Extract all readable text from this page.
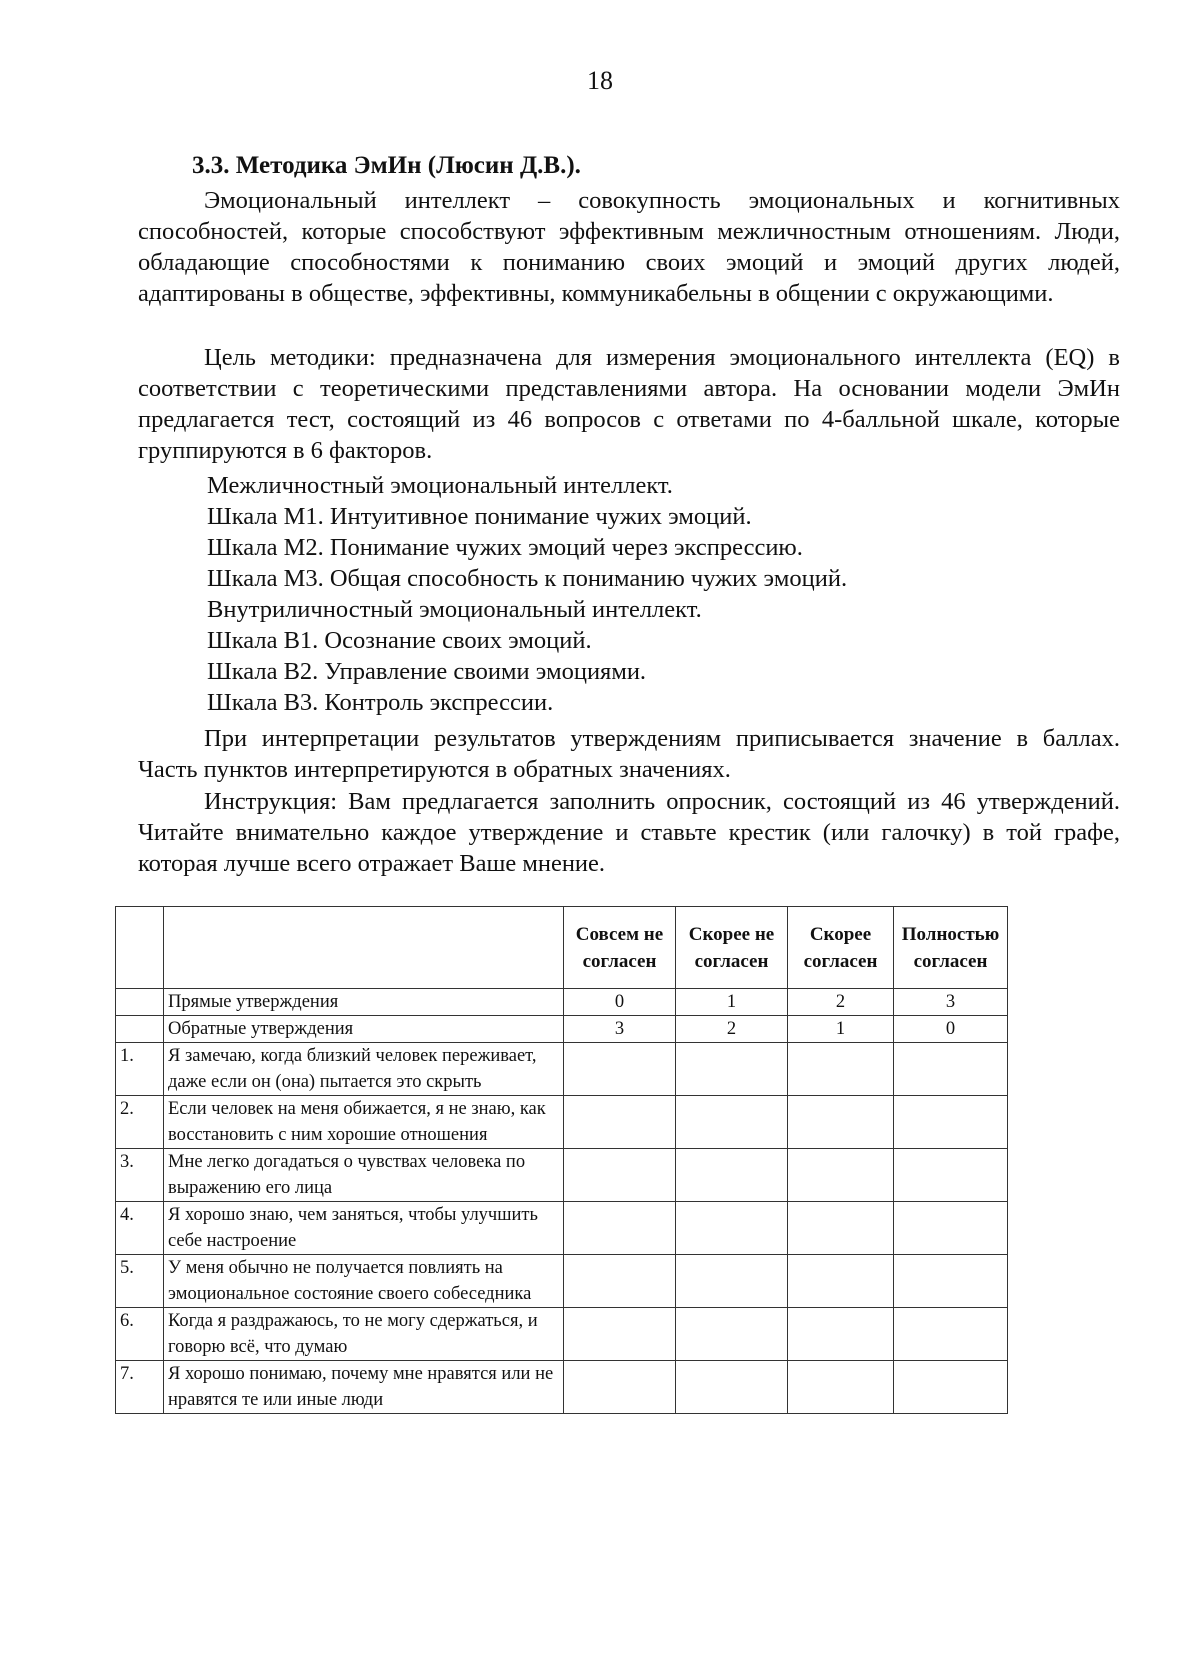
18
3.3. Методика ЭмИн (Люсин Д.В.).

Эмоциональный интеллект – совокупность эмоциональных и когнитивных способностей, которые способствуют эффективным межличностным отношениям. Люди, обладающие способностями к пониманию своих эмоций и эмоций других людей, адаптированы в обществе, эффективны, коммуникабельны в общении с окружающими.

Цель методики: предназначена для измерения эмоционального интеллекта (EQ) в соответствии с теоретическими представлениями автора. На основании модели ЭмИн предлагается тест, состоящий из 46 вопросов с ответами по 4-балльной шкале, которые группируются в 6 факторов.

Межличностный эмоциональный интеллект.
Шкала М1. Интуитивное понимание чужих эмоций.
Шкала М2. Понимание чужих эмоций через экспрессию.
Шкала М3. Общая способность к пониманию чужих эмоций.
Внутриличностный эмоциональный интеллект.
Шкала В1. Осознание своих эмоций.
Шкала В2. Управление своими эмоциями.
Шкала В3. Контроль экспрессии.

При интерпретации результатов утверждениям приписывается значение в баллах. Часть пунктов интерпретируются в обратных значениях.

Инструкция: Вам предлагается заполнить опросник, состоящий из 46 утверждений. Читайте внимательно каждое утверждение и ставьте крестик (или галочку) в той графе, которая лучше всего отражает Ваше мнение.

		Совсем не согласен	Скорее не согласен	Скорее согласен	Полностью согласен
	Прямые утверждения	0	1	2	3
	Обратные утверждения	3	2	1	0
1.	Я замечаю, когда близкий человек переживает, даже если он (она) пытается это скрыть				
2.	Если человек на меня обижается, я не знаю, как восстановить с ним хорошие отношения				
3.	Мне легко догадаться о чувствах человека по выражению его лица				
4.	Я хорошо знаю, чем заняться, чтобы улучшить себе настроение				
5.	У меня обычно не получается повлиять на эмоциональное состояние своего собеседника				
6.	Когда я раздражаюсь, то не могу сдержаться, и говорю всё, что думаю				
7.	Я хорошо понимаю, почему мне нравятся или не нравятся те или иные люди				
